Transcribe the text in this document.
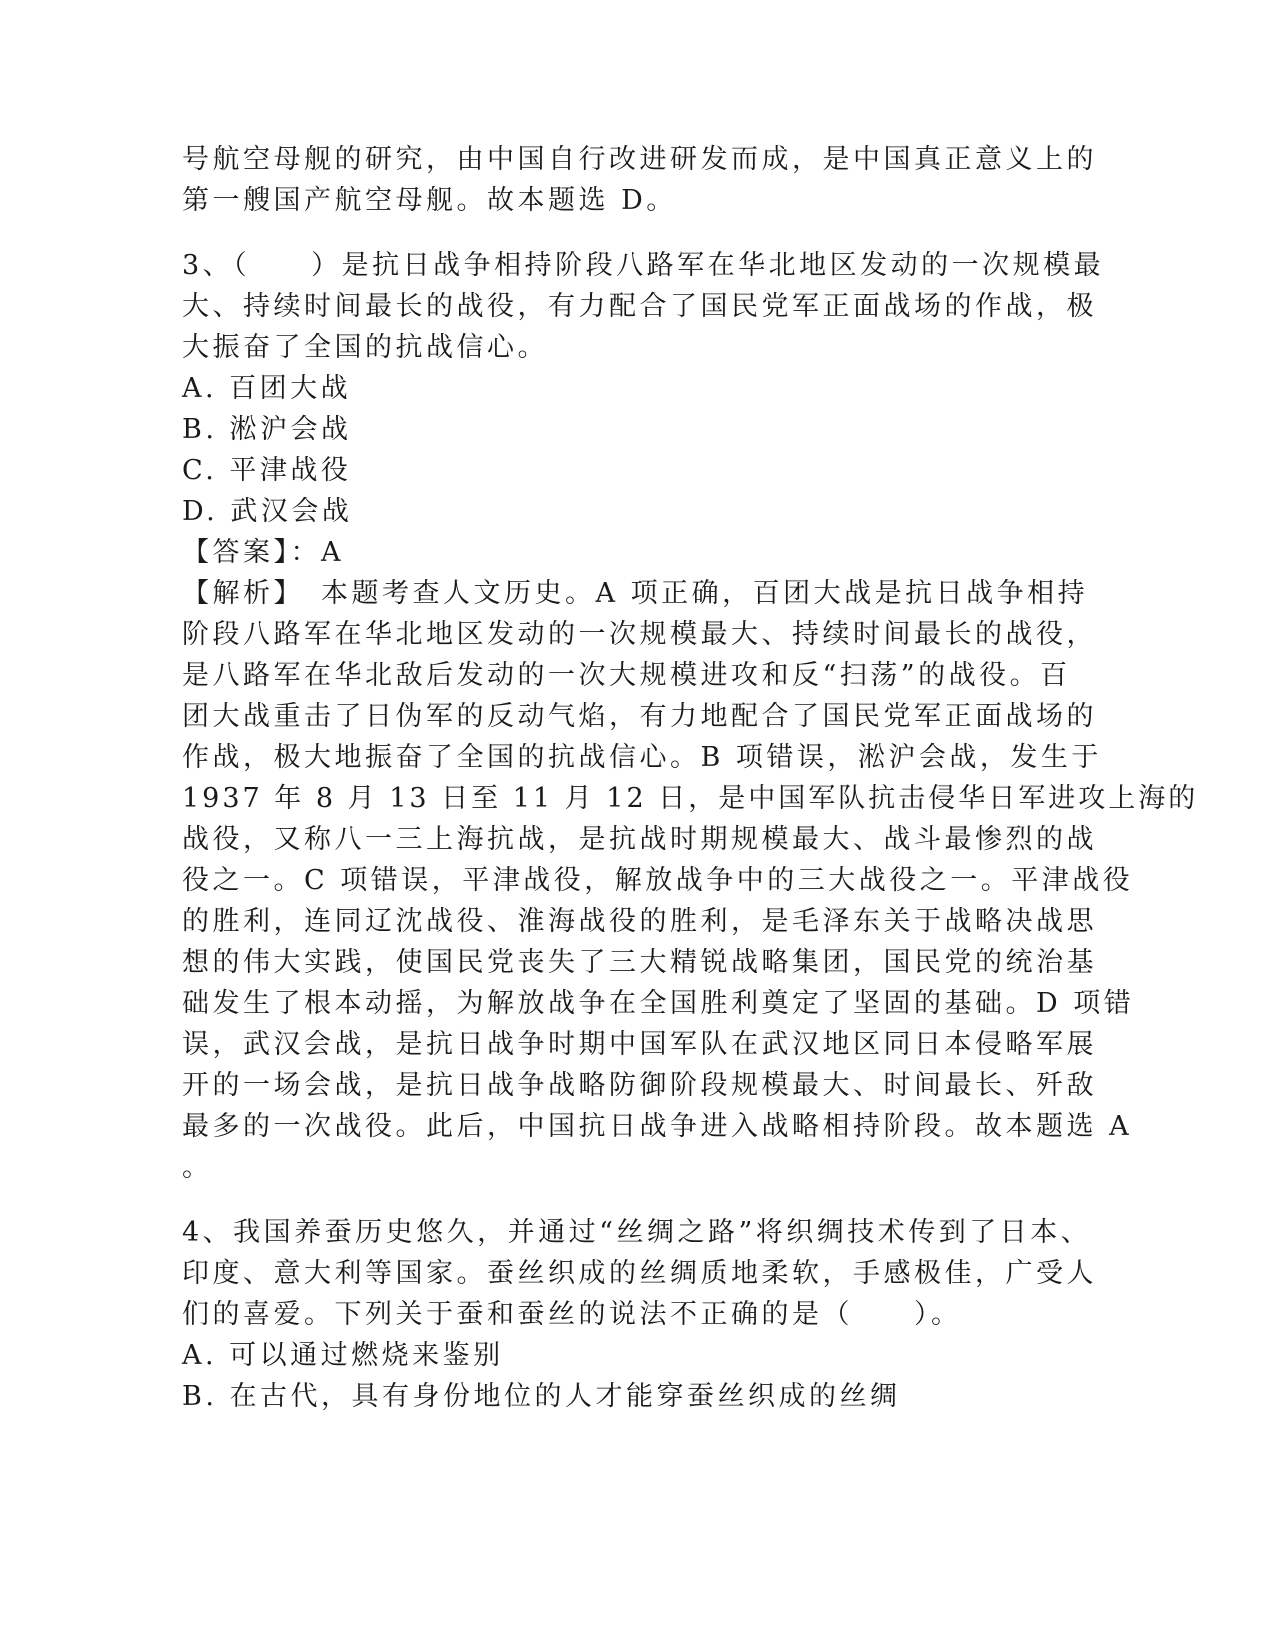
号航空母舰的研究，由中国自行改进研发而成，是中国真正意义上的
第一艘国产航空母舰。故本题选 D。
3、（　　）是抗日战争相持阶段八路军在华北地区发动的一次规模最
大、持续时间最长的战役，有力配合了国民党军正面战场的作战，极
大振奋了全国的抗战信心。
A. 百团大战
B. 淞沪会战
C. 平津战役
D. 武汉会战
【答案】：A
【解析】　本题考查人文历史。A 项正确，百团大战是抗日战争相持
阶段八路军在华北地区发动的一次规模最大、持续时间最长的战役，
是八路军在华北敌后发动的一次大规模进攻和反“扫荡”的战役。百
团大战重击了日伪军的反动气焰，有力地配合了国民党军正面战场的
作战，极大地振奋了全国的抗战信心。B 项错误，淞沪会战，发生于
1937 年 8 月 13 日至 11 月 12 日，是中国军队抗击侵华日军进攻上海的
战役，又称八一三上海抗战，是抗战时期规模最大、战斗最惨烈的战
役之一。C 项错误，平津战役，解放战争中的三大战役之一。平津战役
的胜利，连同辽沈战役、淮海战役的胜利，是毛泽东关于战略决战思
想的伟大实践，使国民党丧失了三大精锐战略集团，国民党的统治基
础发生了根本动摇，为解放战争在全国胜利奠定了坚固的基础。D 项错
误，武汉会战，是抗日战争时期中国军队在武汉地区同日本侵略军展
开的一场会战，是抗日战争战略防御阶段规模最大、时间最长、歼敌
最多的一次战役。此后，中国抗日战争进入战略相持阶段。故本题选 A
。
4、我国养蚕历史悠久，并通过“丝绸之路”将织绸技术传到了日本、
印度、意大利等国家。蚕丝织成的丝绸质地柔软，手感极佳，广受人
们的喜爱。下列关于蚕和蚕丝的说法不正确的是（　　）。
A. 可以通过燃烧来鉴别
B. 在古代，具有身份地位的人才能穿蚕丝织成的丝绸
